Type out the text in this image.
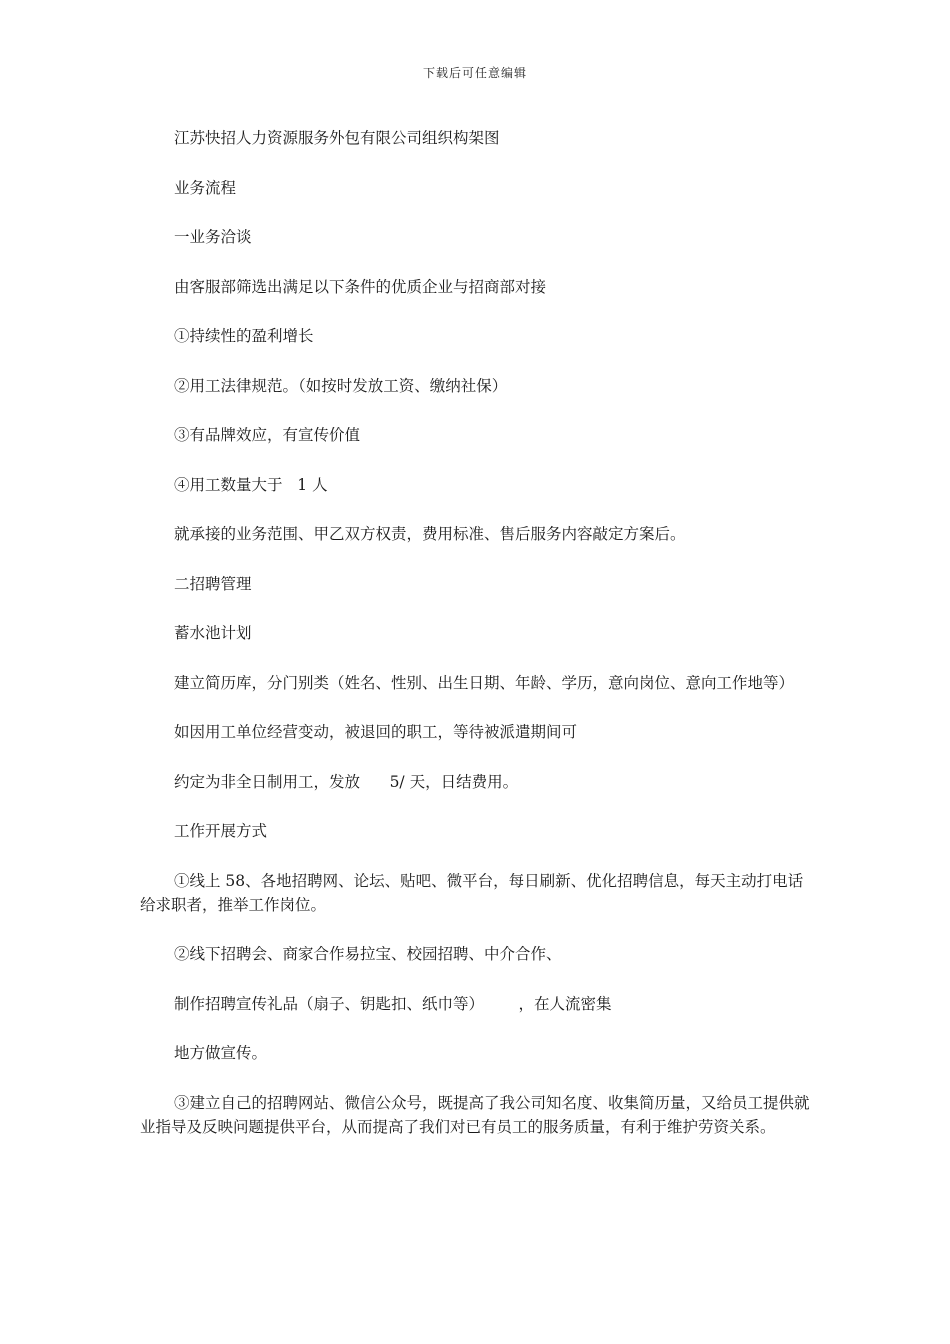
下载后可任意编辑

江苏快招人力资源服务外包有限公司组织构架图

业务流程

一业务洽谈

由客服部筛选出满足以下条件的优质企业与招商部对接

①持续性的盈利增长

②用工法律规范。（如按时发放工资、缴纳社保）

③有品牌效应，有宣传价值

④用工数量大于   1 人

就承接的业务范围、甲乙双方权责，费用标准、售后服务内容敲定方案后。

二招聘管理

蓄水池计划

建立简历库，分门别类（姓名、性别、出生日期、年龄、学历，意向岗位、意向工作地等）

如因用工单位经营变动，被退回的职工，等待被派遣期间可

约定为非全日制用工，发放      5/ 天，日结费用。

工作开展方式

①线上 58、各地招聘网、论坛、贴吧、微平台，每日刷新、优化招聘信息，每天主动打电话给求职者，推举工作岗位。

②线下招聘会、商家合作易拉宝、校园招聘、中介合作、

制作招聘宣传礼品（扇子、钥匙扣、纸巾等）       ，在人流密集

地方做宣传。

③建立自己的招聘网站、微信公众号，既提高了我公司知名度、收集简历量，又给员工提供就业指导及反映问题提供平台，从而提高了我们对已有员工的服务质量，有利于维护劳资关系。
